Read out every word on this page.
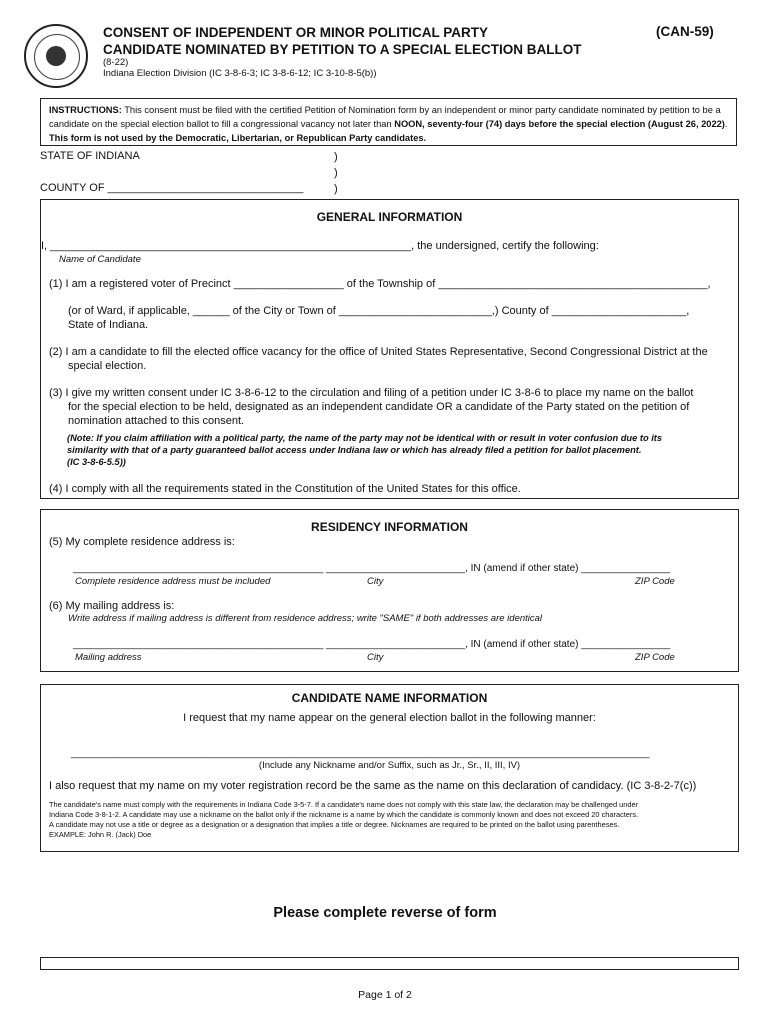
CONSENT OF INDEPENDENT OR MINOR POLITICAL PARTY
CANDIDATE NOMINATED BY PETITION TO A SPECIAL ELECTION BALLOT
(CAN-59)
(8-22)
Indiana Election Division (IC 3-8-6-3; IC 3-8-6-12; IC 3-10-8-5(b))
INSTRUCTIONS: This consent must be filed with the certified Petition of Nomination form by an independent or minor party candidate nominated by petition to be a
candidate on the special election ballot to fill a congressional vacancy not later than NOON, seventy-four (74) days before the special election (August 26, 2022).
This form is not used by the Democratic, Libertarian, or Republican Party candidates.
STATE OF INDIANA
COUNTY OF ________________________________
)
)
)
GENERAL INFORMATION
I, ___________________________________________________________, the undersigned, certify the following:
Name of Candidate
(1) I am a registered voter of Precinct __________________ of the Township of ____________________________________________,
(or of Ward, if applicable, ______ of the City or Town of _________________________,) County of ______________________,
State of Indiana.
(2) I am a candidate to fill the elected office vacancy for the office of United States Representative, Second Congressional District at the
special election.
(3) I give my written consent under IC 3-8-6-12 to the circulation and filing of a petition under IC 3-8-6 to place my name on the ballot
for the special election to be held, designated as an independent candidate OR a candidate of the Party stated on the petition of
nomination attached to this consent.
(Note: If you claim affiliation with a political party, the name of the party may not be identical with or result in voter confusion due to its
similarity with that of a party guaranteed ballot access under Indiana law or which has already filed a petition for ballot placement.
(IC 3-8-6-5.5))
(4) I comply with all the requirements stated in the Constitution of the United States for this office.
RESIDENCY INFORMATION
(5) My complete residence address is:
_____________________________________________ _________________________, IN (amend if other state) ________________
Complete residence address must be included	City	ZIP Code
(6) My mailing address is:
Write address if mailing address is different from residence address; write "SAME" if both addresses are identical
_____________________________________________ _________________________, IN (amend if other state) ________________
Mailing address	City	ZIP Code
CANDIDATE NAME INFORMATION
I request that my name appear on the general election ballot in the following manner:
________________________________________________________________________________________________________
(Include any Nickname and/or Suffix, such as Jr., Sr., II, III, IV)
I also request that my name on my voter registration record be the same as the name on this declaration of candidacy. (IC 3-8-2-7(c))
The candidate's name must comply with the requirements in Indiana Code 3-5-7. If a candidate's name does not comply with this state law, the declaration may be challenged under
Indiana Code 3-8-1-2. A candidate may use a nickname on the ballot only if the nickname is a name by which the candidate is commonly known and does not exceed 20 characters.
A candidate may not use a title or degree as a designation or a designation that implies a title or degree. Nicknames are required to be printed on the ballot using parentheses.
EXAMPLE: John R. (Jack) Doe
Please complete reverse of form
Page 1 of 2
